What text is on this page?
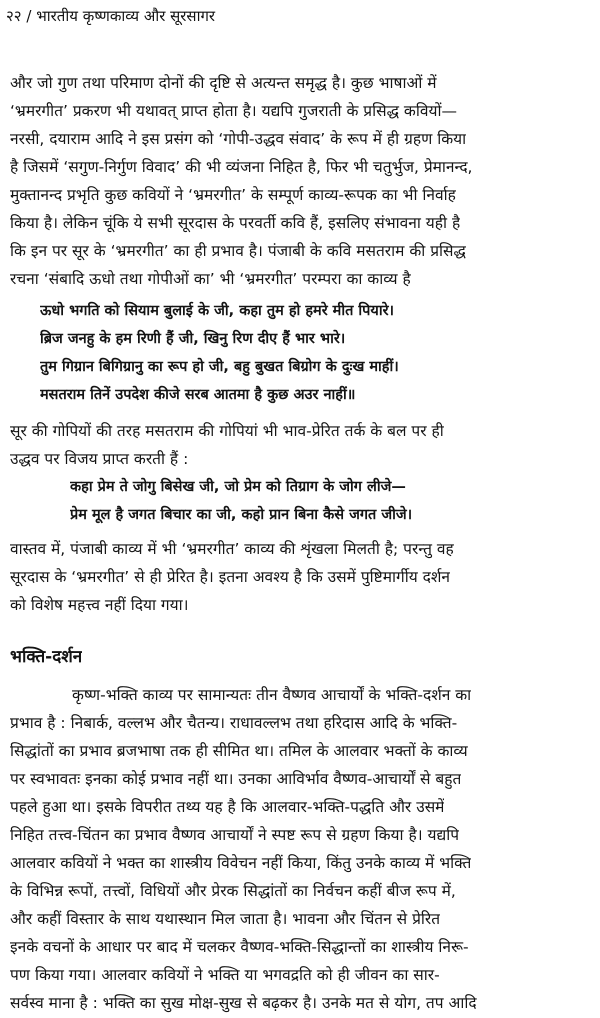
२२ / भारतीय कृष्णकाव्य और सूरसागर
और जो गुण तथा परिमाण दोनों की दृष्टि से अत्यन्त समृद्ध है। कुछ भाषाओं में
‘भ्रमरगीत’ प्रकरण भी यथावत् प्राप्त होता है। यद्यपि गुजराती के प्रसिद्ध कवियों—
नरसी, दयाराम आदि ने इस प्रसंग को ‘गोपी-उद्धव संवाद’ के रूप में ही ग्रहण किया
है जिसमें ‘सगुण-निर्गुण विवाद’ की भी व्यंजना निहित है, फिर भी चतुर्भुज, प्रेमानन्द,
मुक्तानन्द प्रभृति कुछ कवियों ने ‘भ्रमरगीत’ के सम्पूर्ण काव्य-रूपक का भी निर्वाह
किया है। लेकिन चूंकि ये सभी सूरदास के परवर्ती कवि हैं, इसलिए संभावना यही है
कि इन पर सूर के ‘भ्रमरगीत’ का ही प्रभाव है। पंजाबी के कवि मसतराम की प्रसिद्ध
रचना ‘संबादि ऊधो तथा गोपीओं का’ भी ‘भ्रमरगीत’ परम्परा का काव्य है
ऊधो भगति को सियाम बुलाई के जी, कहा तुम हो हमरे मीत पियारे।
ब्रिज जनहु के हम रिणी हैं जी, खिनु रिण दीए हैं भार भारे।
तुम गिग्रान बिगिग्रानु का रूप हो जी, बहु बुखत बिग्रोग के दुःख माहीं।
मसतराम तिनें उपदेश कीजे सरब आतमा है कुछ अउर नाहीं॥
सूर की गोपियों की तरह मसतराम की गोपियां भी भाव-प्रेरित तर्क के बल पर ही
उद्धव पर विजय प्राप्त करती हैं :
कहा प्रेम ते जोगु बिसेख जी, जो प्रेम को तिग्राग के जोग लीजे—
प्रेम मूल है जगत बिचार का जी, कहो प्रान बिना कैसे जगत जीजे।
वास्तव में, पंजाबी काव्य में भी ‘भ्रमरगीत’ काव्य की शृंखला मिलती है; परन्तु वह
सूरदास के ‘भ्रमरगीत’ से ही प्रेरित है। इतना अवश्य है कि उसमें पुष्टिमार्गीय दर्शन
को विशेष महत्त्व नहीं दिया गया।
भक्ति-दर्शन
कृष्ण-भक्ति काव्य पर सामान्यतः तीन वैष्णव आचार्यों के भक्ति-दर्शन का
प्रभाव है : निबार्क, वल्लभ और चैतन्य। राधावल्लभ तथा हरिदास आदि के भक्ति-
सिद्धांतों का प्रभाव ब्रजभाषा तक ही सीमित था। तमिल के आलवार भक्तों के काव्य
पर स्वभावतः इनका कोई प्रभाव नहीं था। उनका आविर्भाव वैष्णव-आचार्यों से बहुत
पहले हुआ था। इसके विपरीत तथ्य यह है कि आलवार-भक्ति-पद्धति और उसमें
निहित तत्त्व-चिंतन का प्रभाव वैष्णव आचार्यों ने स्पष्ट रूप से ग्रहण किया है। यद्यपि
आलवार कवियों ने भक्त का शास्त्रीय विवेचन नहीं किया, किंतु उनके काव्य में भक्ति
के विभिन्न रूपों, तत्त्वों, विधियों और प्रेरक सिद्धांतों का निर्वचन कहीं बीज रूप में,
और कहीं विस्तार के साथ यथास्थान मिल जाता है। भावना और चिंतन से प्रेरित
इनके वचनों के आधार पर बाद में चलकर वैष्णव-भक्ति-सिद्धान्तों का शास्त्रीय निरू-
पण किया गया। आलवार कवियों ने भक्ति या भगवद्रति को ही जीवन का सार-
सर्वस्व माना है : भक्ति का सुख मोक्ष-सुख से बढ़कर है। उनके मत से योग, तप आदि
